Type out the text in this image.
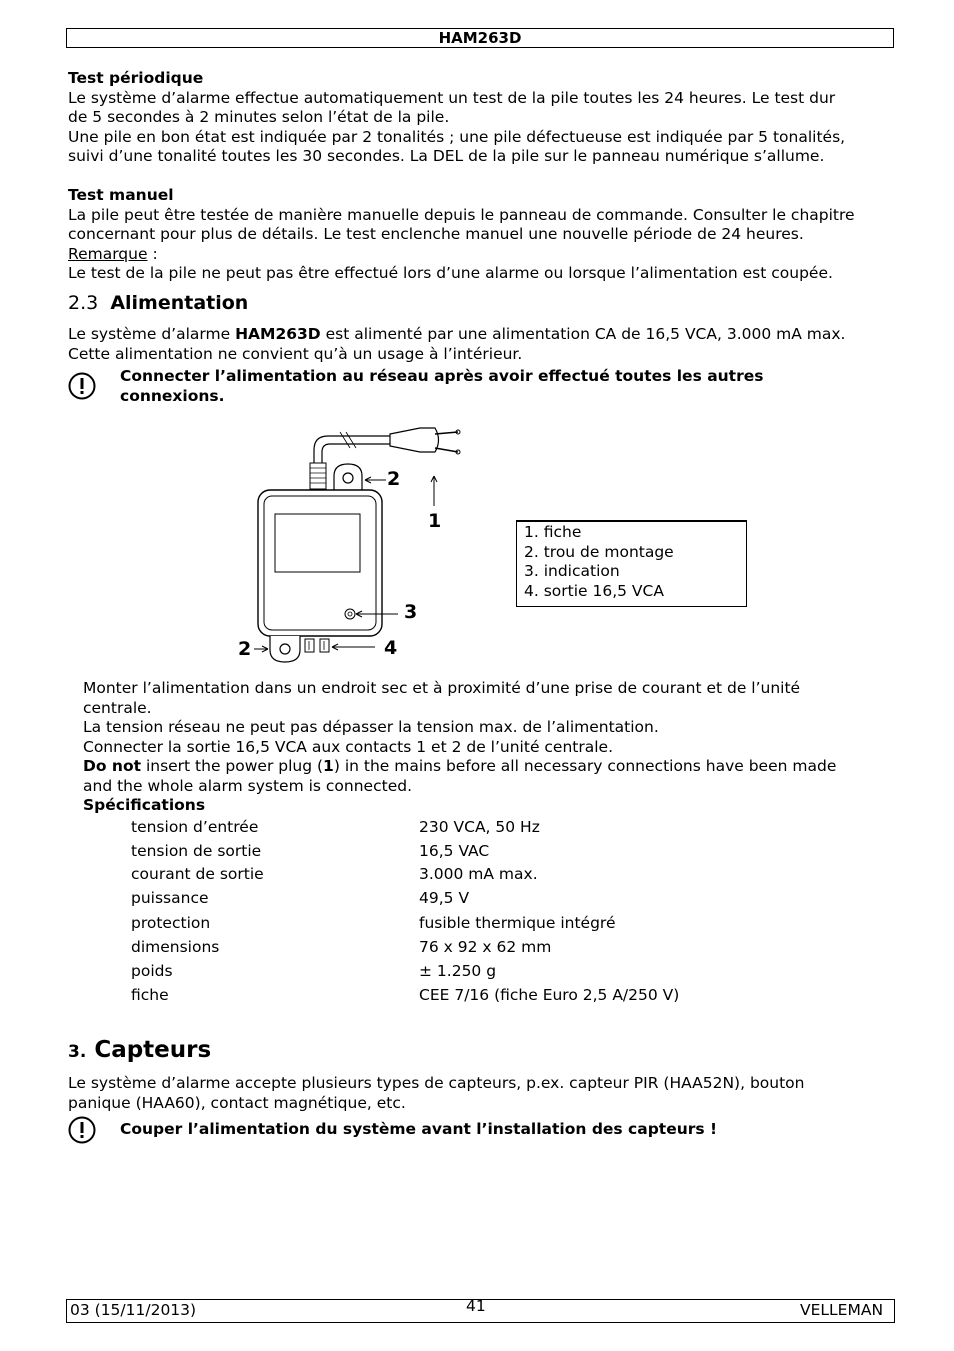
HAM263D

Test périodique

Le système d’alarme effectue automatiquement un test de la pile toutes les 24 heures. Le test dur

de 5 secondes à 2 minutes selon l’état de la pile.

Une pile en bon état est indiquée par 2 tonalités ; une pile défectueuse est indiquée par 5 tonalités,

suivi d’une tonalité toutes les 30 secondes. La DEL de la pile sur le panneau numérique s’allume.

Test manuel

La pile peut être testée de manière manuelle depuis le panneau de commande. Consulter le chapitre

concernant pour plus de détails. Le test enclenche manuel une nouvelle période de 24 heures.

Remarque :

Le test de la pile ne peut pas être effectué lors d’une alarme ou lorsque l’alimentation est coupée.

2.3 Alimentation

Le système d’alarme HAM263D est alimenté par une alimentation CA de 16,5 VCA, 3.000 mA max.

Cette alimentation ne convient qu’à un usage à l’intérieur.

Connecter l’alimentation au réseau après avoir effectué toutes les autres

connexions.

2
1
3
2	4

1. fiche

2. trou de montage

3. indication

4. sortie 16,5 VCA

Monter l’alimentation dans un endroit sec et à proximité d’une prise de courant et de l’unité

centrale.

La tension réseau ne peut pas dépasser la tension max. de l’alimentation.

Connecter la sortie 16,5 VCA aux contacts 1 et 2 de l’unité centrale.

Do not insert the power plug (1) in the mains before all necessary connections have been made

and the whole alarm system is connected.

Spécifications

tension d’entrée	230 VCA, 50 Hz
tension de sortie	16,5 VAC
courant de sortie	3.000 mA max.
puissance	49,5 V
protection	fusible thermique intégré
dimensions	76 x 92 x 62 mm
poids	± 1.250 g
fiche	CEE 7/16 (fiche Euro 2,5 A/250 V)
3. Capteurs

Le système d’alarme accepte plusieurs types de capteurs, p.ex. capteur PIR (HAA52N), bouton

panique (HAA60), contact magnétique, etc.

Couper l’alimentation du système avant l’installation des capteurs !
03 (15/11/2013)	41	VELLEMAN
